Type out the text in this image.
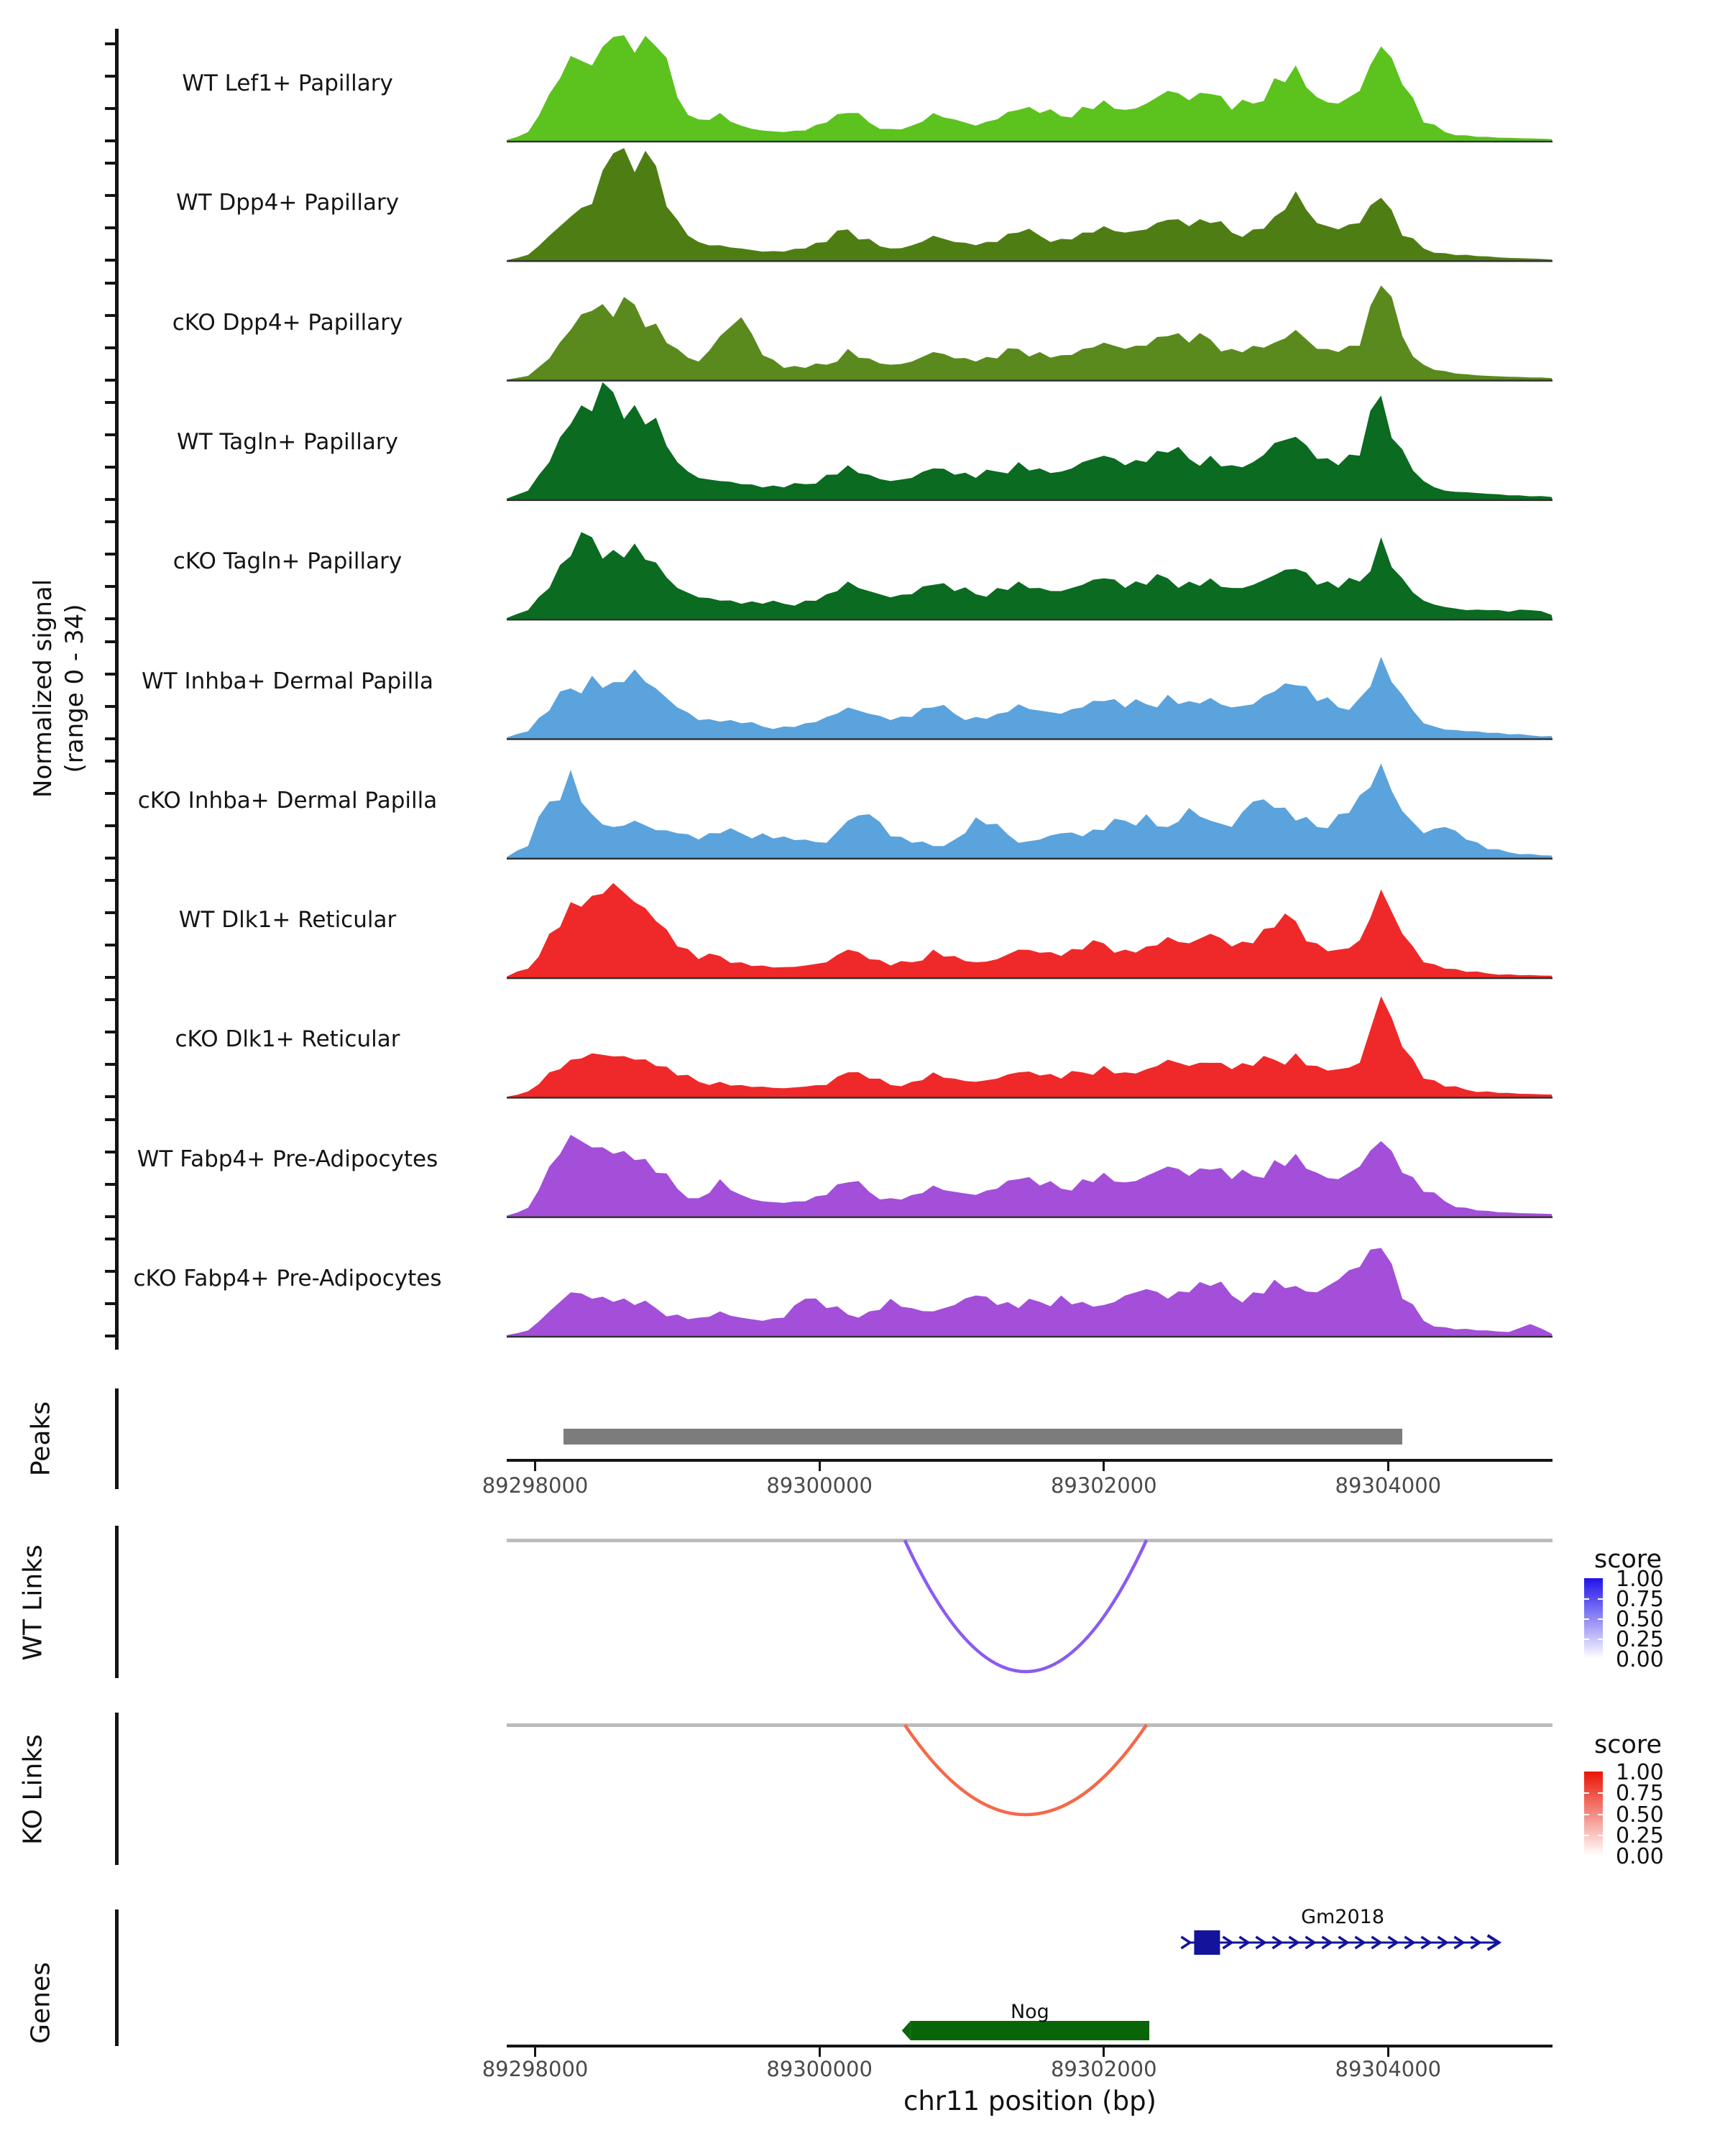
Normalized signal (range 0 - 34)
WT Lef1+ Papillary
WT Dpp4+ Papillary
cKO Dpp4+ Papillary
WT Tagln+ Papillary
cKO Tagln+ Papillary
WT Inhba+ Dermal Papilla
cKO Inhba+ Dermal Papilla
WT Dlk1+ Reticular
cKO Dlk1+ Reticular
WT Fabp4+ Pre-Adipocytes
cKO Fabp4+ Pre-Adipocytes
Peaks
89298000	89300000	89302000	89304000
WT Links
KO Links
score
1.00
0.75
0.50
0.25
0.00
score
1.00
0.75
0.50
0.25
0.00
Genes
Gm2018
Nog
89298000	89300000	89302000	89304000
chr11 position (bp)
